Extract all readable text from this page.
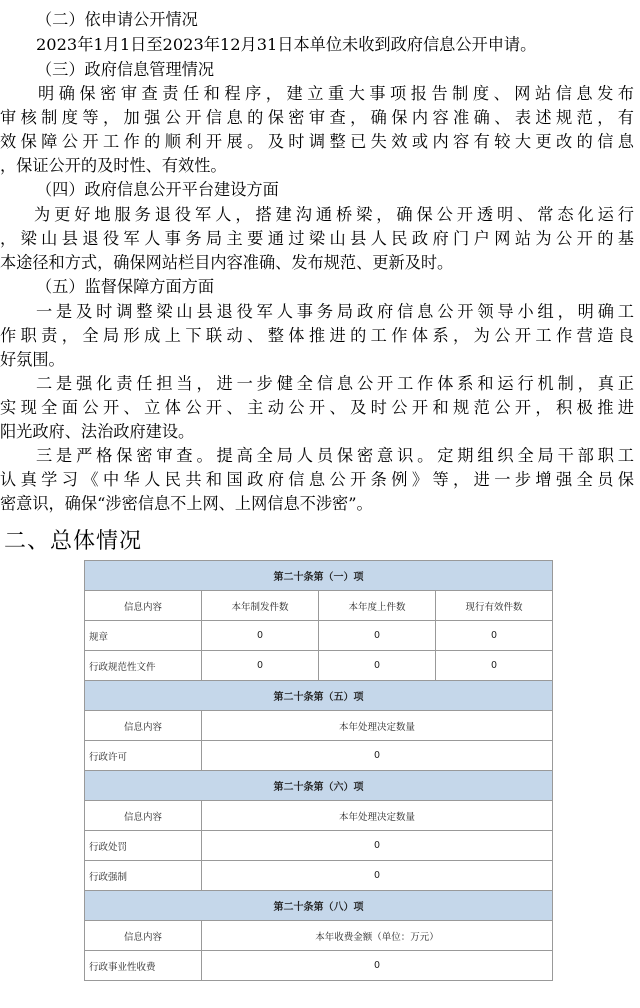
（二）依申请公开情况
2023年1月1日至2023年12月31日本单位未收到政府信息公开申请。
（三）政府信息管理情况
明确保密审查责任和程序，建立重大事项报告制度、网站信息发布
审核制度等，加强公开信息的保密审查，确保内容准确、表述规范，有
效保障公开工作的顺利开展。及时调整已失效或内容有较大更改的信息
，保证公开的及时性、有效性。
（四）政府信息公开平台建设方面
为更好地服务退役军人，搭建沟通桥梁，确保公开透明、常态化运行
，梁山县退役军人事务局主要通过梁山县人民政府门户网站为公开的基
本途径和方式，确保网站栏目内容准确、发布规范、更新及时。
（五）监督保障方面方面
一是及时调整梁山县退役军人事务局政府信息公开领导小组，明确工
作职责，全局形成上下联动、整体推进的工作体系，为公开工作营造良
好氛围。
二是强化责任担当，进一步健全信息公开工作体系和运行机制，真正
实现全面公开、立体公开、主动公开、及时公开和规范公开，积极推进
阳光政府、法治政府建设。
三是严格保密审查。提高全局人员保密意识。定期组织全局干部职工
认真学习《中华人民共和国政府信息公开条例》等，进一步增强全员保
密意识，确保“涉密信息不上网、上网信息不涉密”。
二、总体情况
第二十条第（一）项			
信息内容	本年制发件数	本年度上件数	现行有效件数
规章	0	0	0
行政规范性文件	0	0	0
第二十条第（五）项			
信息内容	本年处理决定数量		
行政许可	0		
第二十条第（六）项			
信息内容	本年处理决定数量		
行政处罚	0		
行政强制	0		
第二十条第（八）项			
信息内容	本年收费金额（单位：万元）		
行政事业性收费	0		
